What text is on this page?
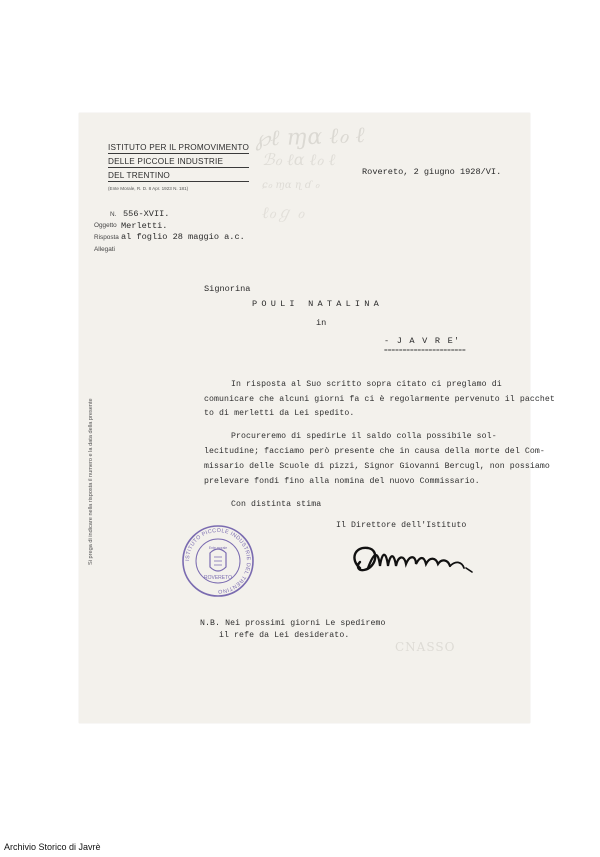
℘ℓ ɱα ℓℴ ℓ
ℬℴ ℓɑ ℓℴ ℓ
ɕℴ ɱɑ ɳ ɗ ℴ
ℓℴℊ ℴ
ISTITUTO PER IL PROMOVIMENTO
DELLE PICCOLE INDUSTRIE
DEL TRENTINO
(Ente Morale, R. D. 8 Apr. 1923 N. 181)
Rovereto, 2 giugno 1928/VI.
N. 556-XVII.
Oggetto Merletti.
Risposta al foglio 28 maggio a.c.
Allegati
Signorina
POULI NATALINA
in
- J A V R E'
======================
Si prega di indicare nella risposta il numero e la data della presente
In risposta al Suo scritto sopra citato ci preglamo di
comunicare che alcuni giorni fa ci è regolarmente pervenuto il pacchet
to di merletti da Lei spedito.
Procureremo di spedirLe il saldo colla possibile sol-
lecitudine; facciamo però presente che in causa della morte del Com-
missario delle Scuole di pizzi, Signor Giovanni Bercugl, non possiamo
prelevare fondi fino alla nomina del nuovo Commissario.
Con distinta stima
Il Direttore dell'Istituto
ISTITUTO PICCOLE INDUSTRIE DEL TRENTINO
Ente morale
ROVERETO
N.B. Nei prossimi giorni Le spediremo
il refe da Lei desiderato.
CNASSO
Archivio Storico di Javrè
